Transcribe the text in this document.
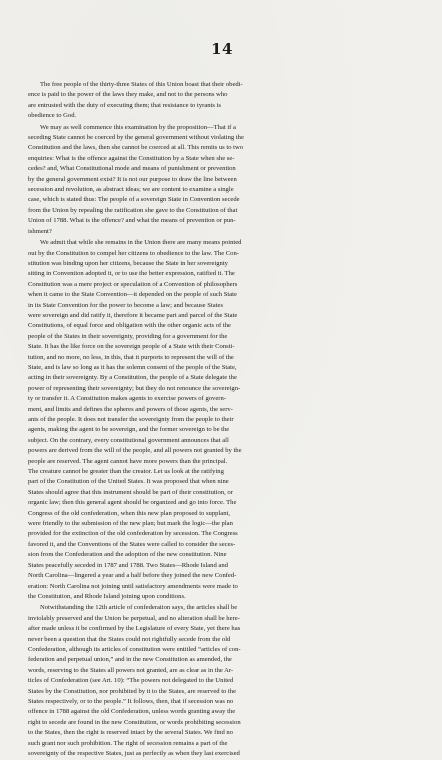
14

The free people of the thirty-three States of this Union boast that their obedi-
ence is paid to the power of the laws they make, and not to the persons who
are entrusted with the duty of executing them; that resistance to tyrants is
obedience to God.

We may as well commence this examination by the proposition—That if a
seceding State cannot be coerced by the general government without violating the
Constitution and the laws, then she cannot be coerced at all. This remits us to two
enquiries: What is the offence against the Constitution by a State when she se-
cedes? and, What Constitutional mode and means of punishment or prevention
by the general government exist? It is not our purpose to draw the line between
secession and revolution, as abstract ideas; we are content to examine a single
case, which is stated thus: The people of a sovereign State in Convention secede
from the Union by repealing the ratification she gave to the Constitution of that
Union of 1788. What is the offence? and what the means of prevention or pun-
ishment?

We admit that while she remains in the Union there are many means pointed
out by the Constitution to compel her citizens to obedience to the law. The Con-
stitution was binding upon her citizens, because the State in her sovereignty
sitting in Convention adopted it, or to use the better expression, ratified it. The
Constitution was a mere project or speculation of a Convention of philosophers
when it came to the State Convention—it depended on the people of such State
in its State Convention for the power to become a law; and because States
were sovereign and did ratify it, therefore it became part and parcel of the State
Constitutions, of equal force and obligation with the other organic acts of the
people of the States in their sovereignty, providing for a government for the
State. It has the like force on the sovereign people of a State with their Consti-
tution, and no more, no less, in this, that it purports to represent the will of the
State, and is law so long as it has the solemn consent of the people of the State,
acting in their sovereignty. By a Constitution, the people of a State delegate the
power of representing their sovereignty; but they do not renounce the sovereign-
ty or transfer it. A Constitution makes agents to exercise powers of govern-
ment, and limits and defines the spheres and powers of those agents, the serv-
ants of the people. It does not transfer the sovereignty from the people to their
agents, making the agent to be sovereign, and the former sovereign to be the
subject. On the contrary, every constitutional government announces that all
powers are derived from the will of the people, and all powers not granted by the
people are reserved. The agent cannot have more powers than the principal.
The creature cannot be greater than the creator. Let us look at the ratifying
part of the Constitution of the United States. It was proposed that when nine
States should agree that this instrument should be part of their constitution, or
organic law; then this general agent should be organized and go into force. The
Congress of the old confederation, when this new plan proposed to supplant,
were friendly to the submission of the new plan; but mark the logic—the plan
provided for the extinction of the old confederation by secession. The Congress
favored it, and the Conventions of the States were called to consider the seces-
sion from the Confederation and the adoption of the new constitution. Nine
States peacefully seceded in 1787 and 1788. Two States—Rhode Island and
North Carolina—lingered a year and a half before they joined the new Confed-
eration: North Carolina not joining until satisfactory amendments were made to
the Constitution, and Rhode Island joining upon conditions.

Notwithstanding the 12th article of confederation says, the articles shall be
inviolably preserved and the Union be perpetual, and no alteration shall be here-
after made unless it be confirmed by the Legislature of every State, yet there has
never been a question that the States could not rightfully secede from the old
Confederation, although its articles of constitution were entitled “articles of con-
federation and perpetual union,” and in the new Constitution as amended, the
words, reserving to the States all powers not granted, are as clear as in the Ar-
ticles of Confederation (see Art. 10): “The powers not delegated to the United
States by the Constitution, nor prohibited by it to the States, are reserved to the
States respectively, or to the people.” It follows, then, that if secession was no
offence in 1788 against the old Confederation, unless words granting away the
right to secede are found in the new Constitution, or words prohibiting secession
to the States, then the right is reserved intact by the several States. We find no
such grant nor such prohibition. The right of secession remains a part of the
sovereignty of the respective States, just as perfectly as when they last exercised
